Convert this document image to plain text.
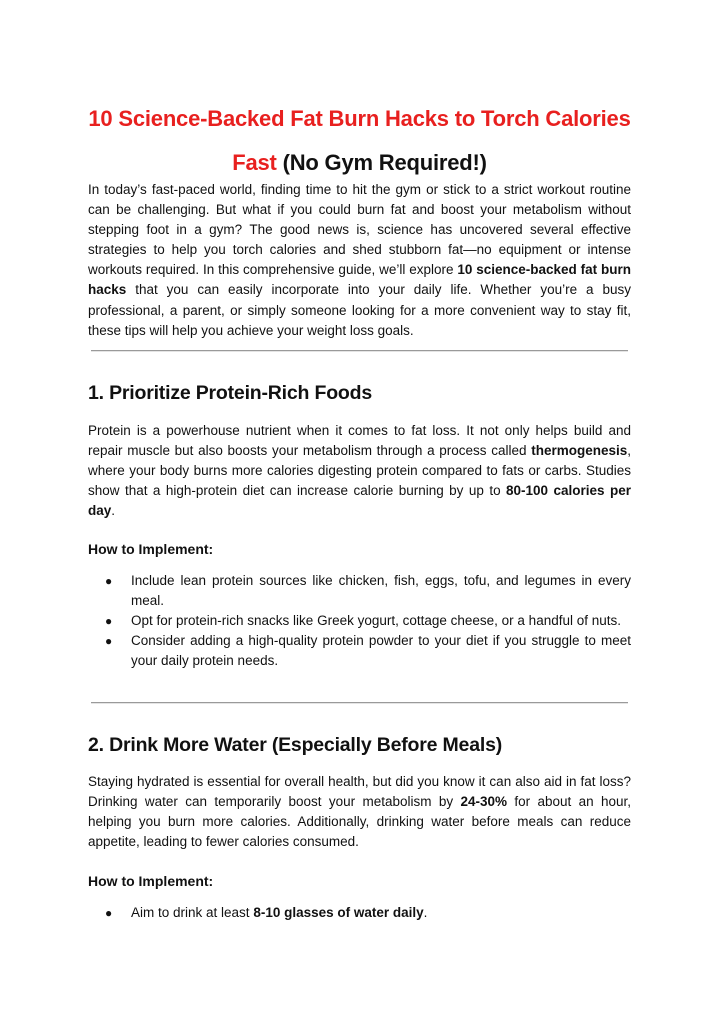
10 Science-Backed Fat Burn Hacks to Torch Calories Fast (No Gym Required!)

In today’s fast-paced world, finding time to hit the gym or stick to a strict workout routine can be challenging. But what if you could burn fat and boost your metabolism without stepping foot in a gym? The good news is, science has uncovered several effective strategies to help you torch calories and shed stubborn fat—no equipment or intense workouts required. In this comprehensive guide, we’ll explore 10 science-backed fat burn hacks that you can easily incorporate into your daily life. Whether you’re a busy professional, a parent, or simply someone looking for a more convenient way to stay fit, these tips will help you achieve your weight loss goals.

1. Prioritize Protein-Rich Foods

Protein is a powerhouse nutrient when it comes to fat loss. It not only helps build and repair muscle but also boosts your metabolism through a process called thermogenesis, where your body burns more calories digesting protein compared to fats or carbs. Studies show that a high-protein diet can increase calorie burning by up to 80-100 calories per day.

How to Implement:
● Include lean protein sources like chicken, fish, eggs, tofu, and legumes in every meal.
● Opt for protein-rich snacks like Greek yogurt, cottage cheese, or a handful of nuts.
● Consider adding a high-quality protein powder to your diet if you struggle to meet your daily protein needs.
2. Drink More Water (Especially Before Meals)

Staying hydrated is essential for overall health, but did you know it can also aid in fat loss? Drinking water can temporarily boost your metabolism by 24-30% for about an hour, helping you burn more calories. Additionally, drinking water before meals can reduce appetite, leading to fewer calories consumed.

How to Implement:
● Aim to drink at least 8-10 glasses of water daily.
